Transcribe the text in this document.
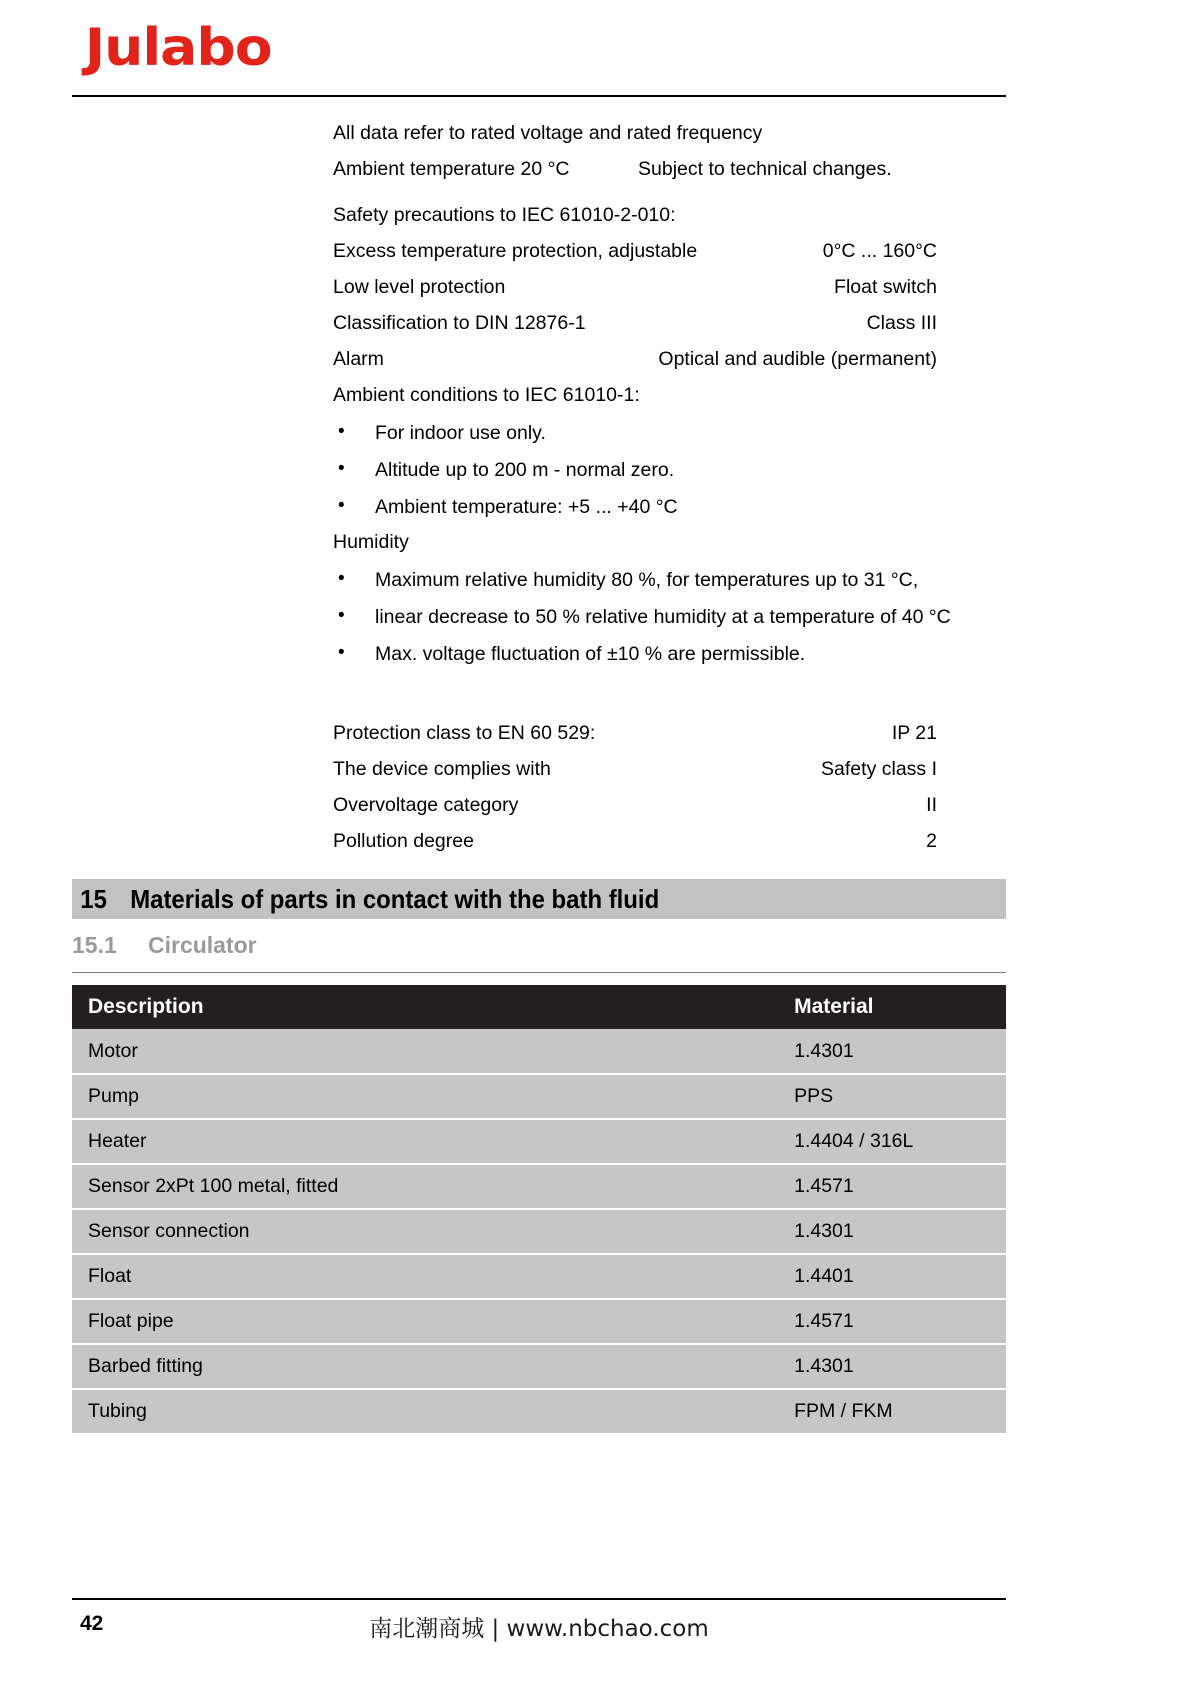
Julabo
All data refer to rated voltage and rated frequency
Ambient temperature 20 °C	Subject to technical changes.
Safety precautions to IEC 61010-2-010:
Excess temperature protection, adjustable	0°C ... 160°C
Low level protection	Float switch
Classification to DIN 12876-1	Class III
Alarm	Optical and audible (permanent)
Ambient conditions to IEC 61010-1:
• For indoor use only.
• Altitude up to 200 m - normal zero.
• Ambient temperature: +5 ... +40 °C
Humidity
• Maximum relative humidity 80 %, for temperatures up to 31 °C,
• linear decrease to 50 % relative humidity at a temperature of 40 °C
• Max. voltage fluctuation of ±10 % are permissible.
Protection class to EN 60 529:	IP 21
The device complies with	Safety class I
Overvoltage category	II
Pollution degree	2
15 Materials of parts in contact with the bath fluid
15.1 Circulator
Description	Material
Motor	1.4301
Pump	PPS
Heater	1.4404 / 316L
Sensor 2xPt 100 metal, fitted	1.4571
Sensor connection	1.4301
Float	1.4401
Float pipe	1.4571
Barbed fitting	1.4301
Tubing	FPM / FKM
42	南北潮商城 | www.nbchao.com
